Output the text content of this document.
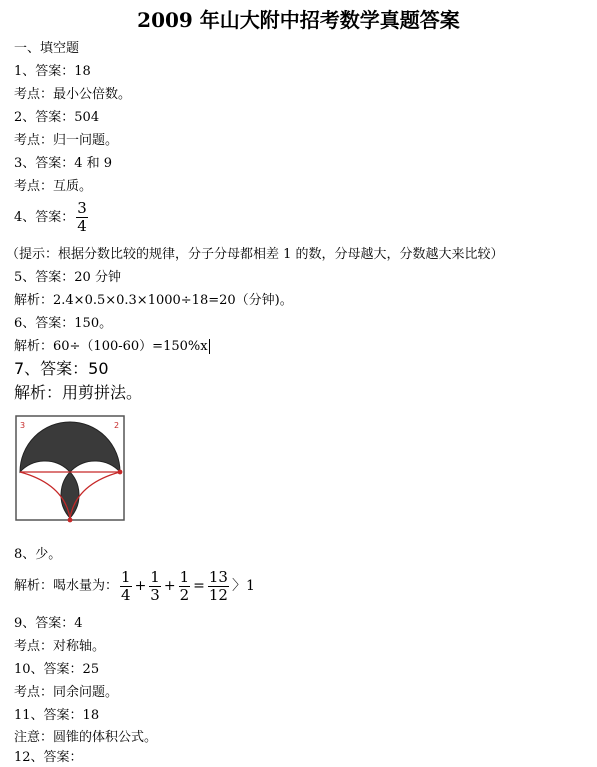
2009 年山大附中招考数学真题答案
一、填空题
1、答案：18
考点：最小公倍数。
2、答案：504
考点：归一问题。
3、答案：4 和 9
考点：互质。
4、答案： $\frac{3}{4}$
（提示：根据分数比较的规律，分子分母都相差 1 的数，分母越大，分数越大来比较）
5、答案：20 分钟
解析：2.4×0.5×0.3×1000÷18=20（分钟)。
6、答案：150。
解析：60÷（100-60）=150%x
7、答案：50
解析：用剪拼法。
3	2
8、少。
解析：喝水量为： $\frac{1}{4} + \frac{1}{3} + \frac{1}{2} = \frac{13}{12}$ 〉1
9、答案：4
考点：对称轴。
10、答案：25
考点：同余问题。
11、答案：18
注意：圆锥的体积公式。
12、答案：
